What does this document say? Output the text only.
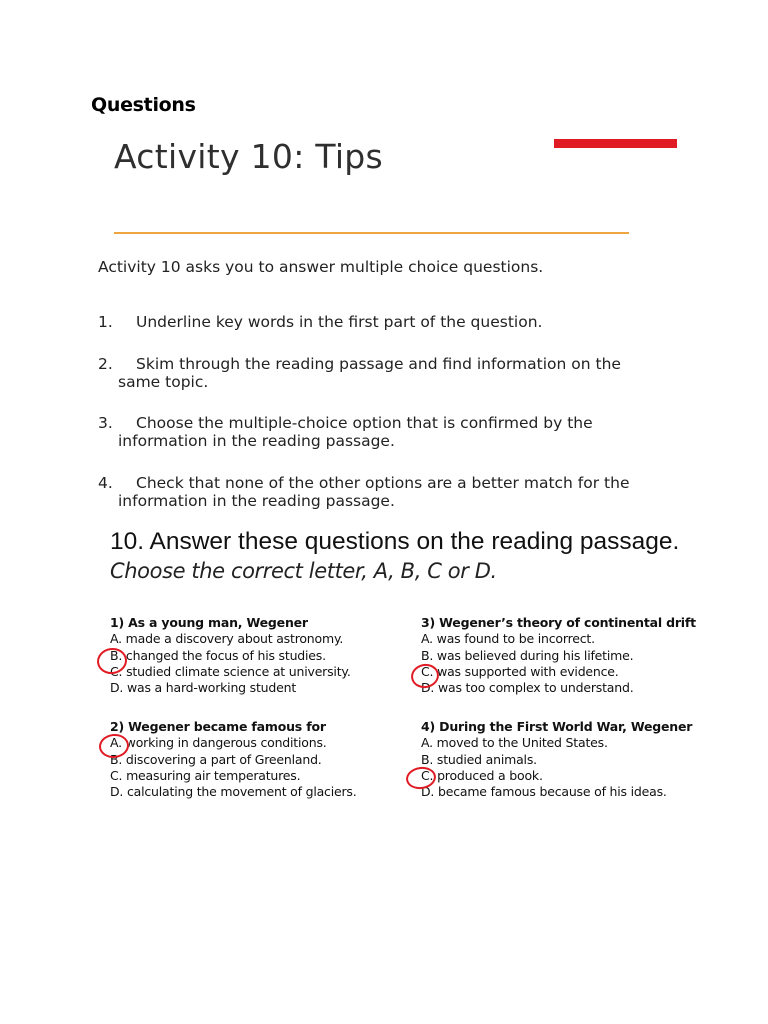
Questions
Activity 10: Tips
Activity 10 asks you to answer multiple choice questions.
1. Underline key words in the first part of the question.
2. Skim through the reading passage and find information on the
same topic.
3. Choose the multiple-choice option that is confirmed by the
information in the reading passage.
4. Check that none of the other options are a better match for the
information in the reading passage.
10. Answer these questions on the reading passage.
Choose the correct letter, A, B, C or D.
1) As a young man, Wegener
A. made a discovery about astronomy.
B. changed the focus of his studies.
C. studied climate science at university.
D. was a hard-working student
2) Wegener became famous for
A. working in dangerous conditions.
B. discovering a part of Greenland.
C. measuring air temperatures.
D. calculating the movement of glaciers.
3) Wegener’s theory of continental drift
A. was found to be incorrect.
B. was believed during his lifetime.
C. was supported with evidence.
D. was too complex to understand.
4) During the First World War, Wegener
A. moved to the United States.
B. studied animals.
C. produced a book.
D. became famous because of his ideas.
